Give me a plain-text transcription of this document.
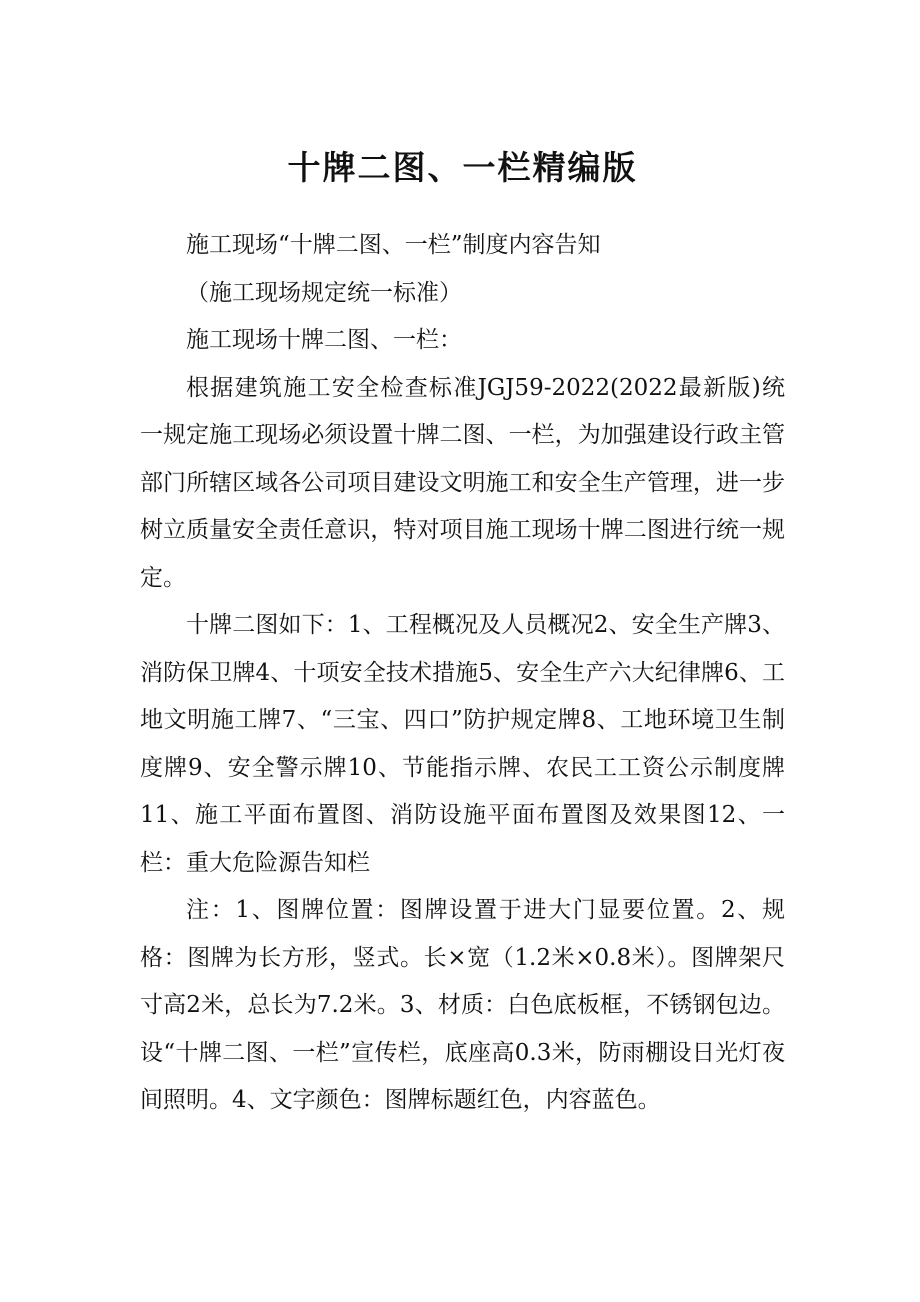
十牌二图、一栏精编版

施工现场“十牌二图、一栏”制度内容告知

（施工现场规定统一标准）

施工现场十牌二图、一栏：

根据建筑施工安全检查标准JGJ59-2022(2022最新版)统一规定施工现场必须设置十牌二图、一栏，为加强建设行政主管部门所辖区域各公司项目建设文明施工和安全生产管理，进一步树立质量安全责任意识，特对项目施工现场十牌二图进行统一规定。

十牌二图如下：1、工程概况及人员概况2、安全生产牌3、消防保卫牌4、十项安全技术措施5、安全生产六大纪律牌6、工地文明施工牌7、“三宝、四口”防护规定牌8、工地环境卫生制度牌9、安全警示牌10、节能指示牌、农民工工资公示制度牌11、施工平面布置图、消防设施平面布置图及效果图12、一栏：重大危险源告知栏

注：1、图牌位置：图牌设置于进大门显要位置。2、规格：图牌为长方形，竖式。长×宽（1.2米×0.8米）。图牌架尺寸高2米，总长为7.2米。3、材质：白色底板框，不锈钢包边。设“十牌二图、一栏”宣传栏，底座高0.3米，防雨棚设日光灯夜间照明。4、文字颜色：图牌标题红色，内容蓝色。
